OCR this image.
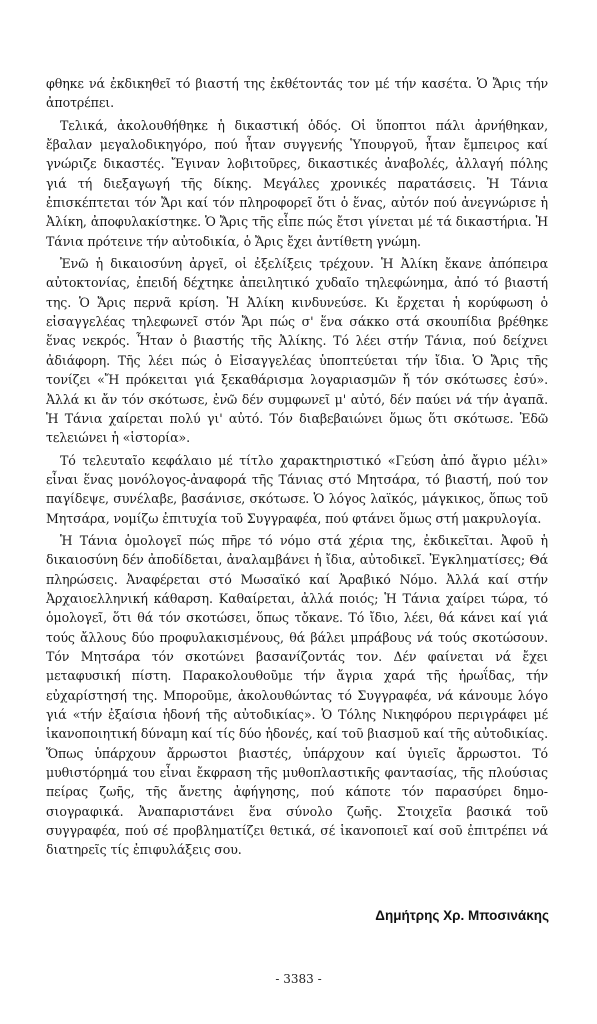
φθηκε νά ἐκδικηθεῖ τό βιαστή της ἐκθέτοντάς τον μέ τήν κασέτα. Ὁ Ἄρις τήν ἀποτρέπει.

Τελικά, ἀκολουθήθηκε ἡ δικαστική ὁδός. Οἱ ὕποπτοι πάλι ἀρνήθηκαν, ἔβαλαν μεγαλοδικηγόρο, πού ἦταν συγγενής Ὑπουργοῦ, ἦταν ἔμπειρος καί γνώριζε δικαστές. Ἔγιναν λοβιτοῦρες, δικαστικές ἀναβολές, ἀλλαγή πόλης γιά τή διεξαγωγή τῆς δίκης. Μεγάλες χρονικές παρατάσεις. Ἡ Τάνια ἐπισκέπτεται τόν Ἄρι καί τόν πληροφορεῖ ὅτι ὁ ἕνας, αὐτόν πού ἀνεγνώρισε ἡ Ἀλίκη, ἀποφυλακίστηκε. Ὁ Ἄρις τῆς εἶπε πώς ἔτσι γίνεται μέ τά δικαστήρια. Ἡ Τάνια πρότεινε τήν αὐτοδικία, ὁ Ἄρις ἔχει ἀντίθετη γνώμη.

Ἐνῶ ἡ δικαιοσύνη ἀργεῖ, οἱ ἐξελίξεις τρέχουν. Ἡ Ἀλίκη ἔκανε ἀπόπειρα αὐτοκτονίας, ἐπειδή δέχτηκε ἀπειλητικό χυδαῖο τηλεφώνημα, ἀπό τό βιαστή της. Ὁ Ἄρις περνᾶ κρίση. Ἡ Ἀλίκη κινδυνεύσε. Κι ἔρχεται ἡ κορύφωση ὁ εἰσαγγελέας τηλεφωνεῖ στόν Ἄρι πώς σ' ἕνα σάκκο στά σκουπίδια βρέθηκε ἕνας νεκρός. Ἦταν ὁ βιαστής τῆς Ἀλίκης. Τό λέει στήν Τάνια, πού δείχνει ἀδιάφορη. Τῆς λέει πώς ὁ Εἰσαγγελέας ὑποπτεύεται τήν ἴδια. Ὁ Ἄρις τῆς τονίζει «Ἤ πρόκειται γιά ξεκαθάρισμα λογαριασμῶν ἤ τόν σκότωσες ἐσύ». Ἀλλά κι ἄν τόν σκότωσε, ἐνῶ δέν συμφωνεῖ μ' αὐτό, δέν παύει νά τήν ἀγαπᾶ. Ἡ Τάνια χαίρεται πολύ γι' αὐτό. Τόν διαβεβαιώνει ὅμως ὅτι σκότωσε. Ἐδῶ τελειώνει ἡ «ἱστορία».

Τό τελευταῖο κεφάλαιο μέ τίτλο χαρακτηριστικό «Γεύση ἀπό ἄγριο μέλι» εἶναι ἕνας μονόλογος-ἀναφορά τῆς Τάνιας στό Μητσάρα, τό βιαστή, πού τον παγίδεψε, συνέλαβε, βασάνισε, σκότωσε. Ὁ λόγος λαϊκός, μάγκικος, ὅπως τοῦ Μητσάρα, νομίζω ἐπιτυχία τοῦ Συγγραφέα, πού φτάνει ὅμως στή μακρυλογία.

Ἡ Τάνια ὁμολογεῖ πώς πῆρε τό νόμο στά χέρια της, ἐκδικεῖται. Ἀφοῦ ἡ δικαιοσύνη δέν ἀποδίδεται, ἀναλαμβάνει ἡ ἴδια, αὐτοδικεῖ. Ἐγκληματίσες; Θά πληρώσεις. Ἀναφέρεται στό Μωσαϊκό καί Ἀραβικό Νόμο. Ἀλλά καί στήν Ἀρχαιοελληνική κάθαρση. Καθαίρεται, ἀλλά ποιός; Ἡ Τάνια χαίρει τώρα, τό ὁμολογεῖ, ὅτι θά τόν σκοτώσει, ὅπως τὄκανε. Τό ἴδιο, λέει, θά κάνει καί γιά τούς ἄλλους δύο προφυλακισμένους, θά βάλει μπράβους νά τούς σκοτώσουν. Τόν Μητσάρα τόν σκοτώνει βασανίζοντάς τον. Δέν φαίνεται νά ἔχει μεταφυσική πίστη. Παρακολουθοῦμε τήν ἄγρια χαρά τῆς ἡρωΐδας, τήν εὐχαρίστησή της. Μποροῦμε, ἀκολουθώντας τό Συγγραφέα, νά κάνουμε λόγο γιά «τήν ἐξαίσια ἡδονή τῆς αὐτοδικίας». Ὁ Τόλης Νικηφόρου περιγράφει μέ ἱκανοποιητική δύναμη καί τίς δύο ἡδονές, καί τοῦ βιασμοῦ καί τῆς αὐτοδικίας. Ὅπως ὑπάρχουν ἄρρωστοι βιαστές, ὑπάρχουν καί ὑγιεῖς ἄρρωστοι. Τό μυθιστόρημά του εἶναι ἔκφραση τῆς μυθοπλαστικῆς φαντασίας, τῆς πλούσιας πείρας ζωῆς, τῆς ἄνετης ἀφήγησης, πού κάποτε τόν παρασύρει δημοσιογραφικά. Ἀναπαριστάνει ἕνα σύνολο ζωῆς. Στοιχεῖα βασικά τοῦ συγγραφέα, πού σέ προβληματίζει θετικά, σέ ἱκανοποιεῖ καί σοῦ ἐπιτρέπει νά διατηρεῖς τίς ἐπιφυλάξεις σου.

Δημήτρης Χρ. Μποσινάκης
- 3383 -
